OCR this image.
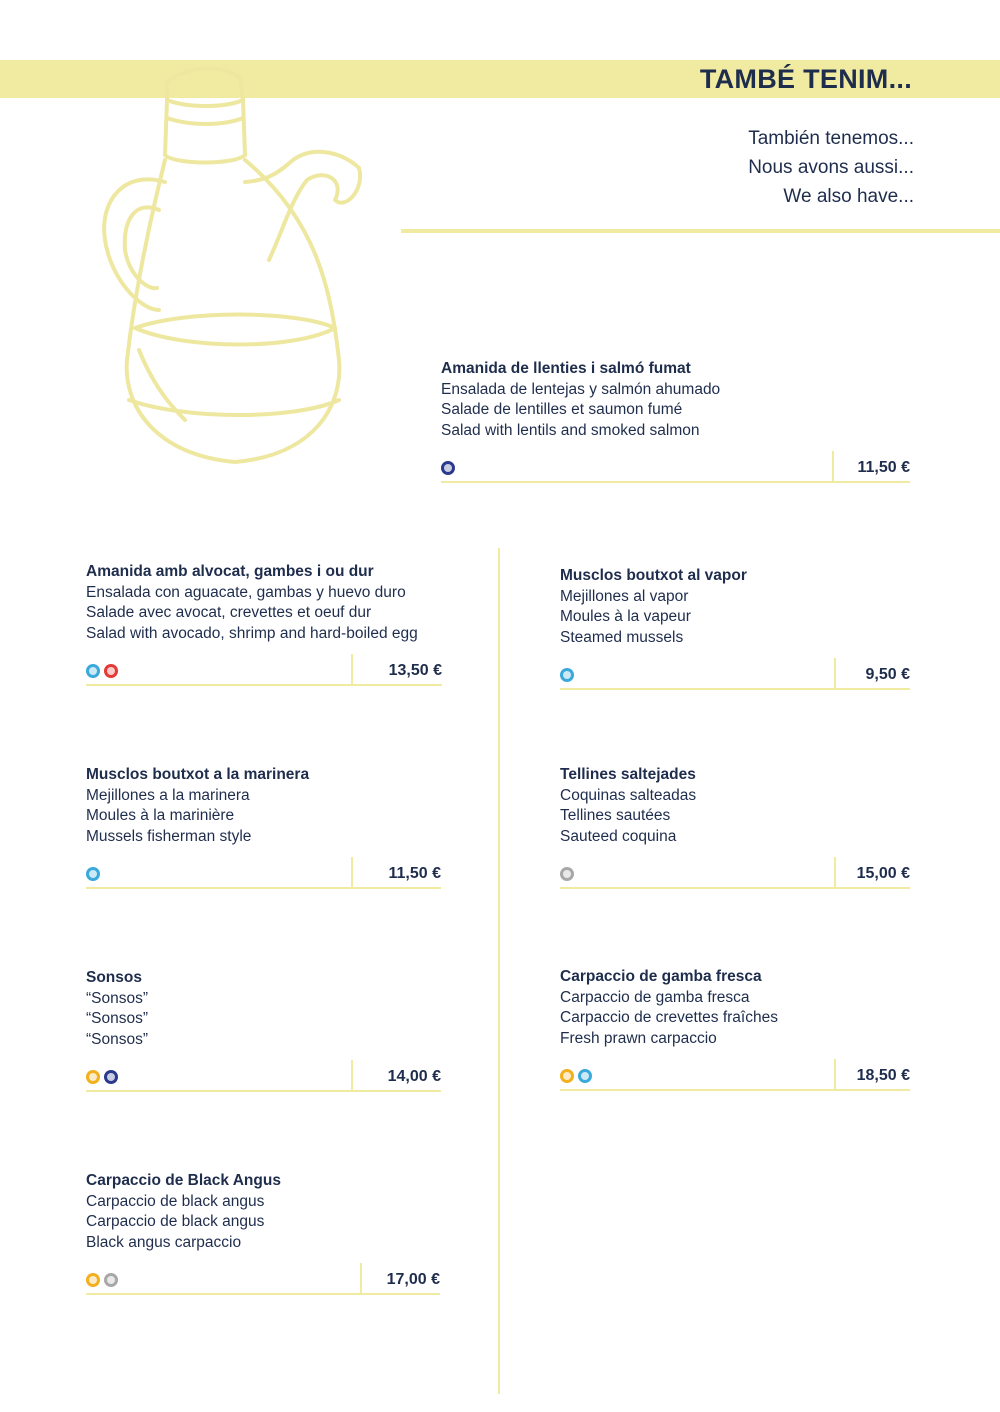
TAMBÉ TENIM...
También tenemos...
Nous avons aussi...
We also have...
Amanida de llenties i salmó fumat
Ensalada de lentejas y salmón ahumado
Salade de lentilles et saumon fumé
Salad with lentils and smoked salmon
11,50 €
Amanida amb alvocat, gambes i ou dur
Ensalada con aguacate, gambas y huevo duro
Salade avec avocat, crevettes et oeuf dur
Salad with avocado, shrimp and hard-boiled egg
13,50 €
Musclos boutxot al vapor
Mejillones al vapor
Moules à la vapeur
Steamed mussels
9,50 €
Musclos boutxot a la marinera
Mejillones a la marinera
Moules à la marinière
Mussels fisherman style
11,50 €
Tellines saltejades
Coquinas salteadas
Tellines sautées
Sauteed coquina
15,00 €
Sonsos
“Sonsos”
“Sonsos”
“Sonsos”
14,00 €
Carpaccio de gamba fresca
Carpaccio de gamba fresca
Carpaccio de crevettes fraîches
Fresh prawn carpaccio
18,50 €
Carpaccio de Black Angus
Carpaccio de black angus
Carpaccio de black angus
Black angus carpaccio
17,00 €
